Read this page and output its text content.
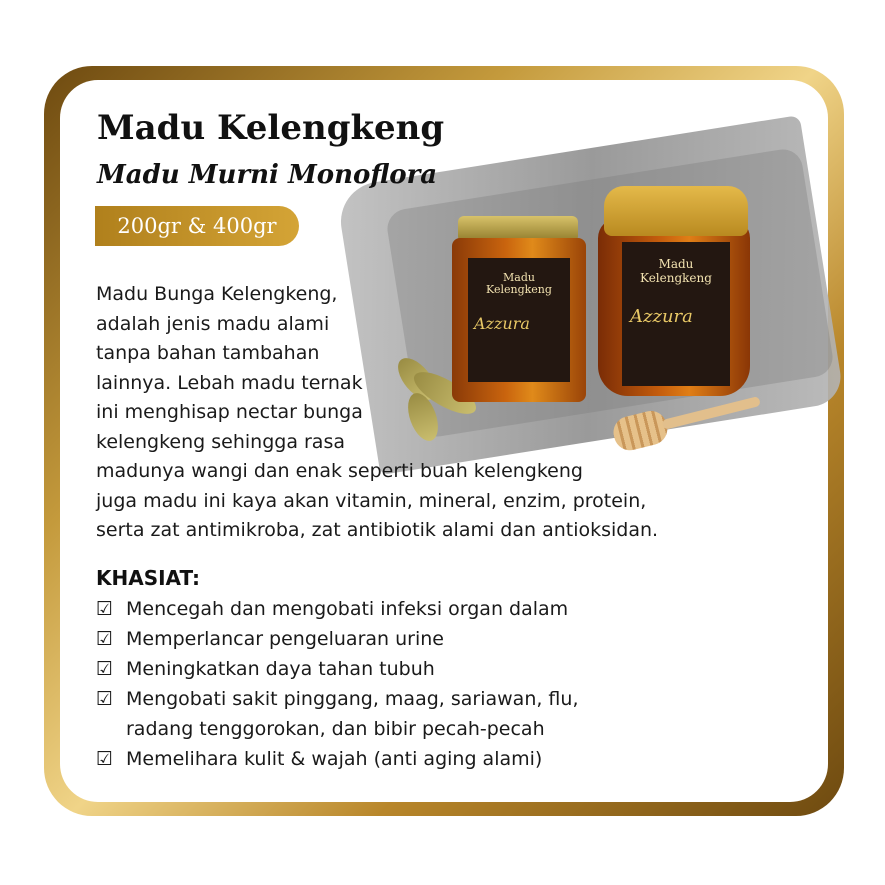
Madu Kelengkeng
Madu Murni Monoflora
200gr & 400gr
Madu
Kelengkeng
Azzura
Madu
Kelengkeng
Azzura
Madu Bunga Kelengkeng,
adalah jenis madu alami
tanpa bahan tambahan
lainnya. Lebah madu ternak
ini menghisap nectar bunga
kelengkeng sehingga rasa
madunya wangi dan enak seperti buah kelengkeng
juga madu ini kaya akan vitamin, mineral, enzim, protein,
serta zat antimikroba, zat antibiotik alami dan antioksidan.
KHASIAT:
☑ Mencegah dan mengobati infeksi organ dalam
☑ Memperlancar pengeluaran urine
☑ Meningkatkan daya tahan tubuh
☑ Mengobati sakit pinggang, maag, sariawan, flu,
radang tenggorokan, dan bibir pecah-pecah
☑ Memelihara kulit & wajah (anti aging alami)
